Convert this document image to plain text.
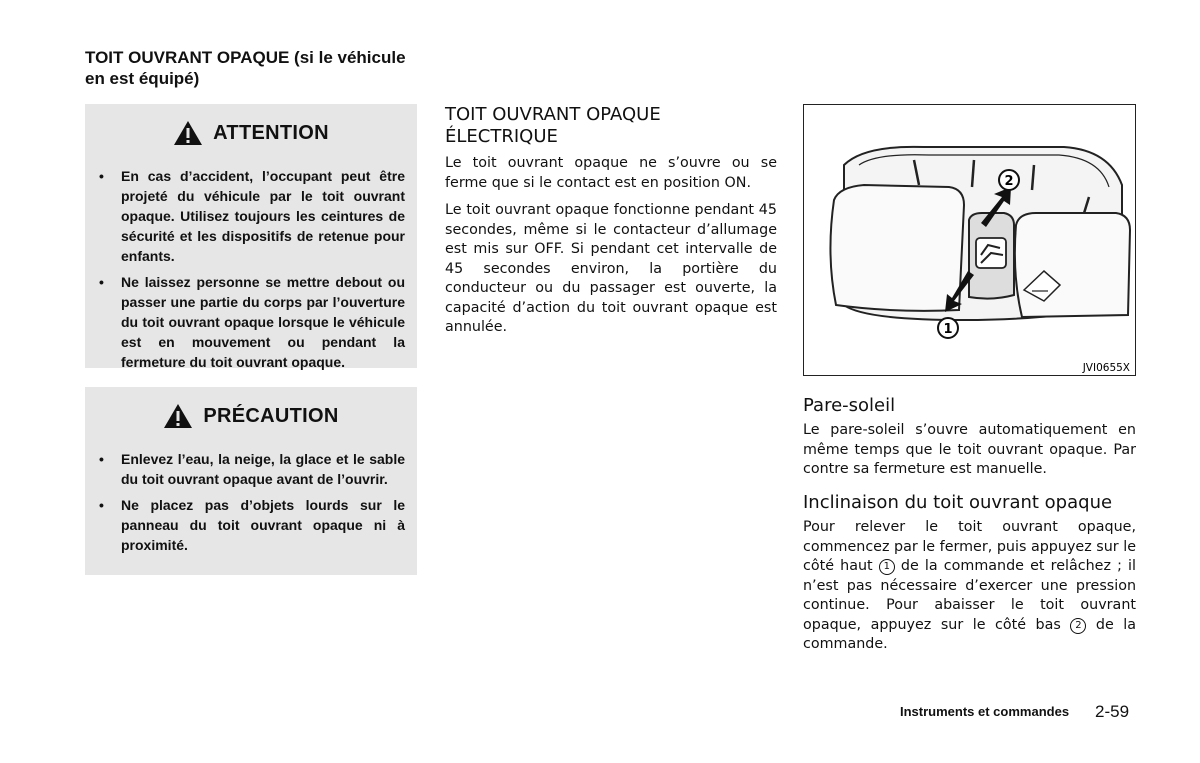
TOIT OUVRANT OPAQUE (si le véhicule en est équipé)
ATTENTION
• En cas d’accident, l’occupant peut être projeté du véhicule par le toit ouvrant opaque. Utilisez toujours les ceintures de sécurité et les dispositifs de retenue pour enfants.
• Ne laissez personne se mettre debout ou passer une partie du corps par l’ouverture du toit ouvrant opaque lorsque le véhicule est en mouvement ou pendant la fermeture du toit ouvrant opaque.
PRÉCAUTION
• Enlevez l’eau, la neige, la glace et le sable du toit ouvrant opaque avant de l’ouvrir.
• Ne placez pas d’objets lourds sur le panneau du toit ouvrant opaque ni à proximité.
TOIT OUVRANT OPAQUE ÉLECTRIQUE

Le toit ouvrant opaque ne s’ouvre ou se ferme que si le contact est en position ON.

Le toit ouvrant opaque fonctionne pendant 45 secondes, même si le contacteur d’allumage est mis sur OFF. Si pendant cet intervalle de 45 secondes environ, la portière du conducteur ou du passager est ouverte, la capacité d’action du toit ouvrant opaque est annulée.

2
1
JVI0655X
Pare-soleil

Le pare-soleil s’ouvre automatiquement en même temps que le toit ouvrant opaque. Par contre sa fermeture est manuelle.

Inclinaison du toit ouvrant opaque

Pour relever le toit ouvrant opaque, commencez par le fermer, puis appuyez sur le côté haut 1 de la commande et relâchez ; il n’est pas nécessaire d’exercer une pression continue. Pour abaisser le toit ouvrant opaque, appuyez sur le côté bas 2 de la commande.

Instruments et commandes 2-59
